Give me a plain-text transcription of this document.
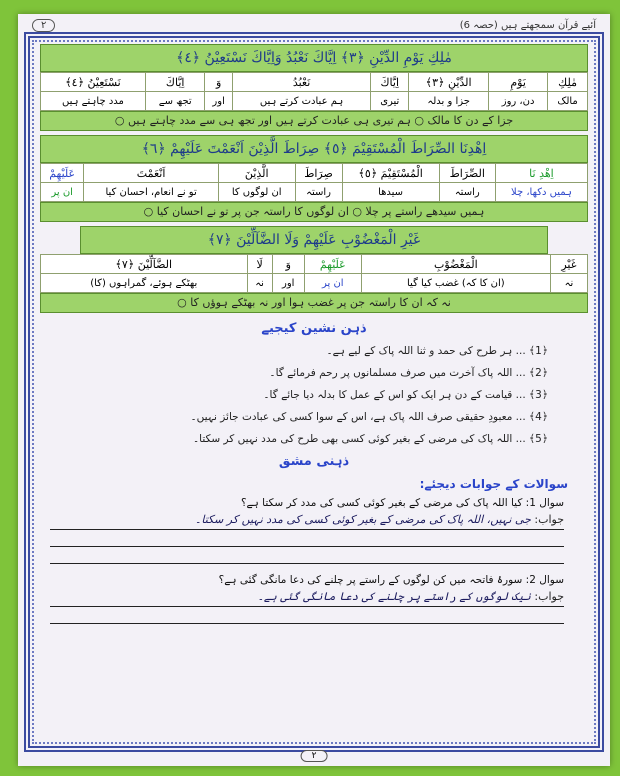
٢	آئیے قرآن سمجھتے ہیں (حصہ 6)
مٰلِكِ يَوْمِ الدِّيْنِ ﴿٣﴾ اِيَّاكَ نَعْبُدُ وَاِيَّاكَ نَسْتَعِيْنُ ﴿٤﴾
مٰلِكِ	يَوْمِ	الدِّيْنِ ﴿٣﴾	اِيَّاكَ	نَعْبُدُ	وَ	اِيَّاكَ	نَسْتَعِيْنُ ﴿٤﴾
مالک	دن، روز	جزا و بدلہ	تیری	ہم عبادت کرتے ہیں	اور	تجھ سے	مدد چاہتے ہیں
جزا کے دن کا مالک ○ ہم تیری ہی عبادت کرتے ہیں اور تجھ ہی سے مدد چاہتے ہیں ○
اِهْدِنَا الصِّرَاطَ الْمُسْتَقِيْمَ ﴿٥﴾ صِرَاطَ الَّذِيْنَ اَنْعَمْتَ عَلَيْهِمْ ﴿٦﴾
اِهْدِ نَا	الصِّرَاطَ	الْمُسْتَقِيْمَ ﴿٥﴾	صِرَاطَ	الَّذِيْنَ	اَنْعَمْتَ	عَلَيْهِمْ
ہمیں دکھا، چلا	راستہ	سیدھا	راستہ	ان لوگوں کا	تو نے انعام، احسان کیا	ان پر
ہمیں سیدھے راستے پر چلا ○ ان لوگوں کا راستہ جن پر تو نے احسان کیا ○
غَيْرِ الْمَغْضُوْبِ عَلَيْهِمْ وَلَا الضَّآلِّيْنَ ﴿٧﴾
غَيْرِ	الْمَغْضُوْبِ	عَلَيْهِمْ	وَ	لَا	الضَّآلِّيْنَ ﴿٧﴾
نہ	(ان کا کہ) غضب کیا گیا	ان پر	اور	نہ	بھٹکے ہوئے، گمراہوں (کا)
نہ کہ ان کا راستہ جن پر غضب ہوا اور نہ بھٹکے ہوؤں کا ○
ذہن نشین کیجیے
﴿1﴾ ... ہر طرح کی حمد و ثنا اللہ پاک کے لیے ہے۔
﴿2﴾ ... اللہ پاک آخرت میں صرف مسلمانوں پر رحم فرمائے گا۔
﴿3﴾ ... قیامت کے دن ہر ایک کو اس کے عمل کا بدلہ دیا جائے گا۔
﴿4﴾ ... معبودِ حقیقی صرف اللہ پاک ہے، اس کے سوا کسی کی عبادت جائز نہیں۔
﴿5﴾ ... اللہ پاک کی مرضی کے بغیر کوئی کسی بھی طرح کی مدد نہیں کر سکتا۔
ذہنی مشق
سوالات کے جوابات دیجئے:
سوال 1: کیا اللہ پاک کی مرضی کے بغیر کوئی کسی کی مدد کر سکتا ہے؟
جواب: جی نہیں، اللہ پاک کی مرضی کے بغیر کوئی کسی کی مدد نہیں کر سکتا۔
سوال 2: سورۂ فاتحہ میں کن لوگوں کے راستے پر چلنے کی دعا مانگی گئی ہے؟
جواب: نیک لوگوں کے راستے پر چلنے کی دعا مانگی گئی ہے۔
٢
